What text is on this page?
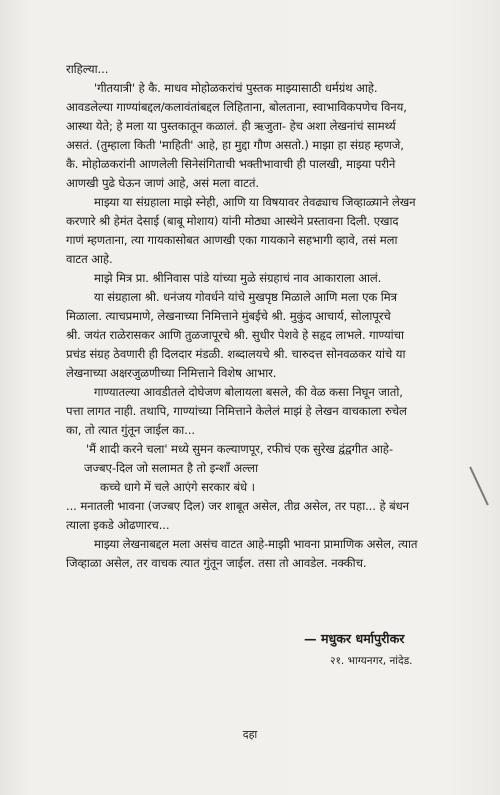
राहिल्या...
'गीतयात्री' हे कै. माधव मोहोळकरांचं पुस्तक माझ्यासाठी धर्मग्रंथ आहे.
आवडलेल्या गाण्यांबद्दल/कलावंतांबद्दल लिहिताना, बोलताना, स्वाभाविकपणेच विनय,
आस्था येते; हे मला या पुस्तकातून कळालं. ही ऋजुता- हेच अशा लेखनांचं सामर्थ्य
असतं. (तुम्हाला किती 'माहिती' आहे, हा मुद्दा गौण असतो.) माझा हा संग्रह म्हणजे,
कै. मोहोळकरांनी आणलेली सिनेसंगिताची भक्तीभावाची ही पालखी, माझ्या परीने
आणखी पुढे घेऊन जाणं आहे, असं मला वाटतं.
माझ्या या संग्रहाला माझे स्नेही, आणि या विषयावर तेवढ्याच जिव्हाळ्याने लेखन
करणारे श्री हेमंत देसाई (बाबू मोशाय) यांनी मोठ्या आस्थेने प्रस्तावना दिली. एखाद
गाणं म्हणताना, त्या गायकासोबत आणखी एका गायकाने सहभागी व्हावे, तसं मला
वाटत आहे.
माझे मित्र प्रा. श्रीनिवास पांडे यांच्या मुळे संग्रहाचं नाव आकाराला आलं.
या संग्रहाला श्री. धनंजय गोवर्धने यांचे मुखपृष्ठ मिळाले आणि मला एक मित्र
मिळाला. त्याचप्रमाणे, लेखनाच्या निमित्ताने मुंबईचे श्री. मुकुंद आचार्य, सोलापूरचे
श्री. जयंत राळेरासकर आणि तुळजापूरचे श्री. सुधीर पेशवे हे सहृद लाभले. गाण्यांचा
प्रचंड संग्रह ठेवणारी ही दिलदार मंडळी. शब्दालयचे श्री. चारुदत्त सोनवळकर यांचे या
लेखनाच्या अक्षरजुळणीच्या निमित्ताने विशेष आभार.
गाण्यातल्या आवडीतले दोघेजण बोलायला बसले, की वेळ कसा निघून जातो,
पत्ता लागत नाही. तथापि, गाण्यांच्या निमित्ताने केलेलं माझं हे लेखन वाचकाला रुचेल
का, तो त्यात गुंतून जाईल का...
'मैं शादी करने चला' मध्ये सुमन कल्याणपूर, रफीचं एक सुरेख द्वंद्वगीत आहे-
जज्बए-दिल जो सलामत है तो इन्शॉं अल्ला
कच्चे धागे में चले आएंगे सरकार बंधे ।
... मनातली भावना (जज्बए दिल) जर शाबूत असेल, तीव्र असेल, तर पहा... हे बंधन
त्याला इकडे ओढणारच...
माझ्या लेखनाबद्दल मला असंच वाटत आहे-माझी भावना प्रामाणिक असेल, त्यात
जिव्हाळा असेल, तर वाचक त्यात गुंतून जाईल. तसा तो आवडेल. नक्कीच.
— मधुकर धर्मापुरीकर
२१. भाग्यनगर, नांदेड.
दहा
